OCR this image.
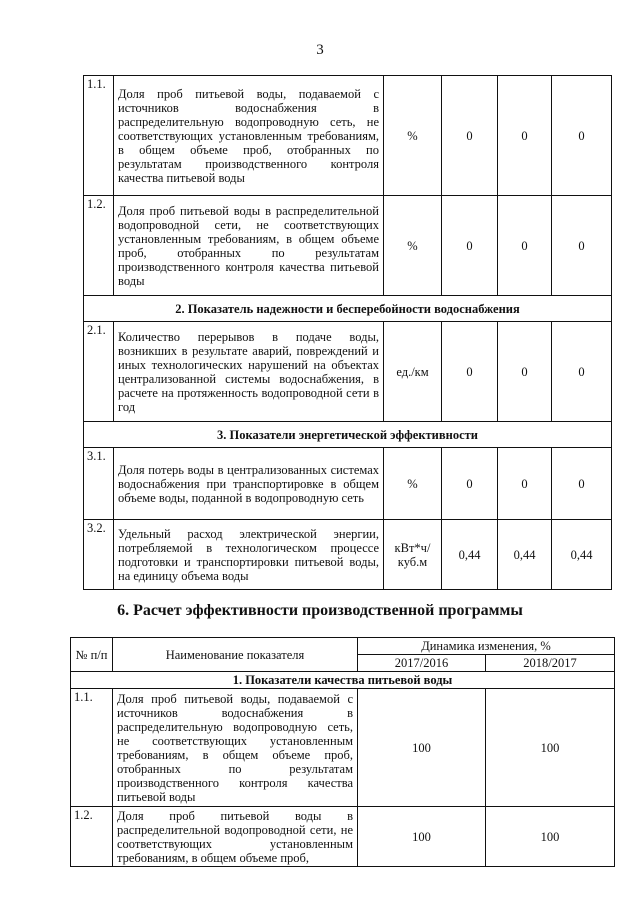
3
1.1.	Доля проб питьевой воды, подаваемой с источников водоснабжения в распределительную водопроводную сеть, не соответствующих установленным требованиям, в общем объеме проб, отобранных по результатам производственного контроля качества питьевой воды	%	0	0	0
1.2.	Доля проб питьевой воды в распределительной водопроводной сети, не соответствующих установленным требованиям, в общем объеме проб, отобранных по результатам производственного контроля качества питьевой воды	%	0	0	0
2. Показатель надежности и бесперебойности водоснабжения					
2.1.	Количество перерывов в подаче воды, возникших в результате аварий, повреждений и иных технологических нарушений на объектах централизованной системы водоснабжения, в расчете на протяженность водопроводной сети в год	ед./км	0	0	0
3. Показатели энергетической эффективности					
3.1.	Доля потерь воды в централизованных системах водоснабжения при транспортировке в общем объеме воды, поданной в водопроводную сеть	%	0	0	0
3.2.	Удельный расход электрической энергии, потребляемой в технологическом процессе подготовки и транспортировки питьевой воды, на единицу объема воды	кВт*ч/ куб.м	0,44	0,44	0,44
6. Расчет эффективности производственной программы
№ п/п	Наименование показателя	Динамика изменения, %	
		2017/2016	2018/2017
1. Показатели качества питьевой воды			
1.1.	Доля проб питьевой воды, подаваемой с источников водоснабжения в распределительную водопроводную сеть, не соответствующих установленным требованиям, в общем объеме проб, отобранных по результатам производственного контроля качества питьевой воды	100	100
1.2.	Доля проб питьевой воды в распределительной водопроводной сети, не соответствующих установленным требованиям, в общем объеме проб,	100	100
